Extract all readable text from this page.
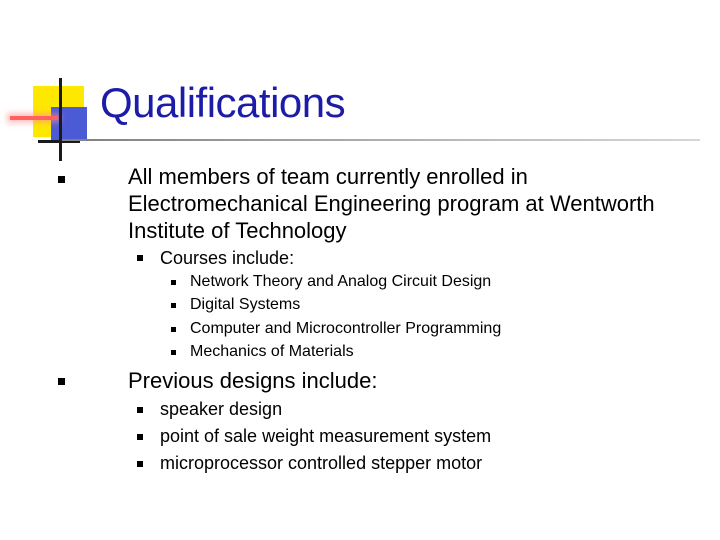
Qualifications
All members of team currently enrolled in
Electromechanical Engineering program at Wentworth
Institute of Technology
Courses include:
Network Theory and Analog Circuit Design
Digital Systems
Computer and Microcontroller Programming
Mechanics of Materials
Previous designs include:
speaker design
point of sale weight measurement system
microprocessor controlled stepper motor
